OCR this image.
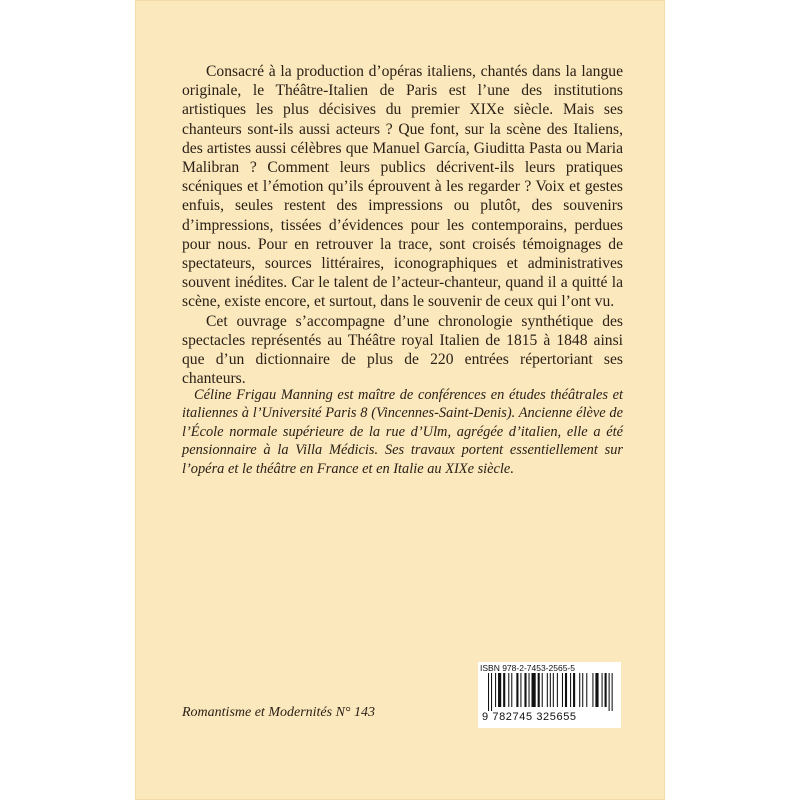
Consacré à la production d’opéras italiens, chantés dans la langue originale, le Théâtre-Italien de Paris est l’une des institutions artistiques les plus décisives du premier XIXe siècle. Mais ses chanteurs sont-ils aussi acteurs ? Que font, sur la scène des Italiens, des artistes aussi célèbres que Manuel García, Giuditta Pasta ou Maria Malibran ? Comment leurs publics décrivent-ils leurs pratiques scéniques et l’émotion qu’ils éprouvent à les regarder ? Voix et gestes enfuis, seules restent des impressions ou plutôt, des souvenirs d’impressions, tissées d’évidences pour les contemporains, perdues pour nous. Pour en retrouver la trace, sont croisés témoignages de spectateurs, sources littéraires, iconographiques et administratives souvent inédites. Car le talent de l’acteur-chanteur, quand il a quitté la scène, existe encore, et surtout, dans le souvenir de ceux qui l’ont vu.

Cet ouvrage s’accompagne d’une chronologie synthétique des spectacles représentés au Théâtre royal Italien de 1815 à 1848 ainsi que d’un dictionnaire de plus de 220 entrées répertoriant ses chanteurs.

Céline Frigau Manning est maître de conférences en études théâtrales et italiennes à l’Université Paris 8 (Vincennes-Saint-Denis). Ancienne élève de l’École normale supérieure de la rue d’Ulm, agrégée d’italien, elle a été pensionnaire à la Villa Médicis. Ses travaux portent essentiellement sur l’opéra et le théâtre en France et en Italie au XIXe siècle.

Romantisme et Modernités N° 143
ISBN 978-2-7453-2565-5
9 782745 325655
